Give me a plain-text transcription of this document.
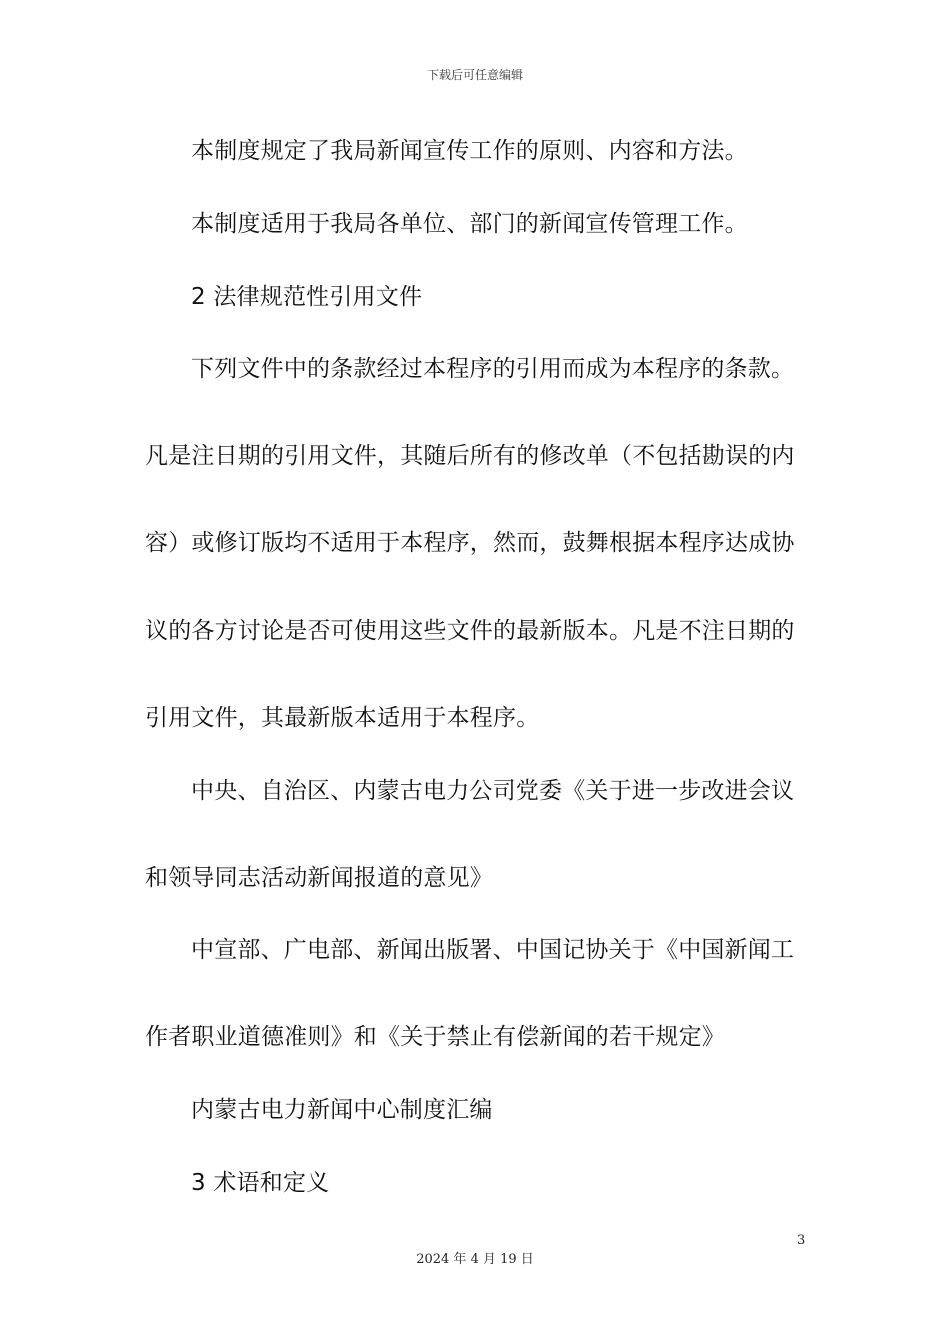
下载后可任意编辑
本制度规定了我局新闻宣传工作的原则、内容和方法。
本制度适用于我局各单位、部门的新闻宣传管理工作。
2 法律规范性引用文件
下列文件中的条款经过本程序的引用而成为本程序的条款。
凡是注日期的引用文件，其随后所有的修改单（不包括勘误的内
容）或修订版均不适用于本程序，然而，鼓舞根据本程序达成协
议的各方讨论是否可使用这些文件的最新版本。凡是不注日期的
引用文件，其最新版本适用于本程序。
中央、自治区、内蒙古电力公司党委《关于进一步改进会议
和领导同志活动新闻报道的意见》
中宣部、广电部、新闻出版署、中国记协关于《中国新闻工
作者职业道德准则》和《关于禁止有偿新闻的若干规定》
内蒙古电力新闻中心制度汇编
3 术语和定义
3
2024 年 4 月 19 日
